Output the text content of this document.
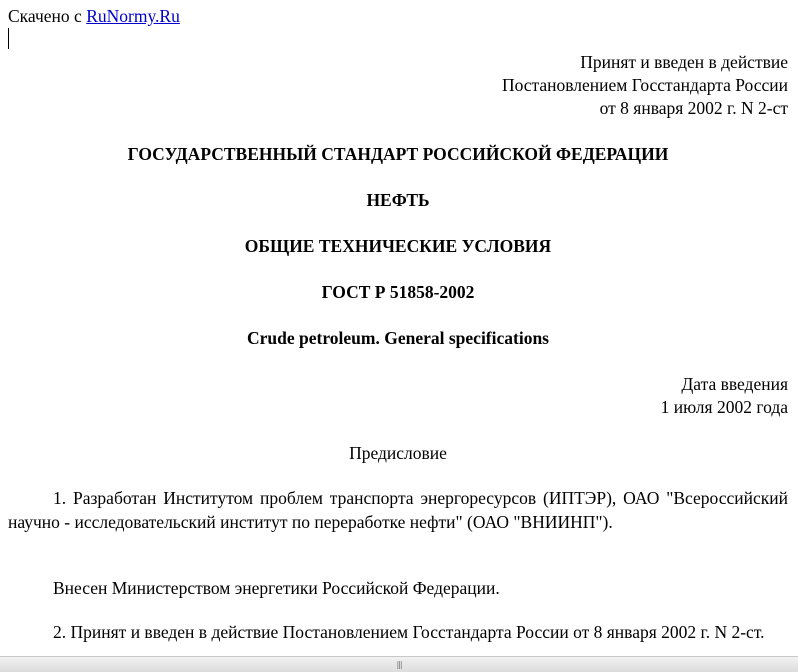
Скачено с RuNormy.Ru
Принят и введен в действие
Постановлением Госстандарта России
от 8 января 2002 г. N 2-ст
ГОСУДАРСТВЕННЫЙ СТАНДАРТ РОССИЙСКОЙ ФЕДЕРАЦИИ
НЕФТЬ
ОБЩИЕ ТЕХНИЧЕСКИЕ УСЛОВИЯ
ГОСТ Р 51858-2002
Crude petroleum. General specifications
Дата введения
1 июля 2002 года
Предисловие
1. Разработан Институтом проблем транспорта энергоресурсов (ИПТЭР), ОАО "Всероссийский научно - исследовательский институт по переработке нефти" (ОАО "ВНИИНП").
Внесен Министерством энергетики Российской Федерации.
2. Принят и введен в действие Постановлением Госстандарта России от 8 января 2002 г. N 2-ст.
|||
